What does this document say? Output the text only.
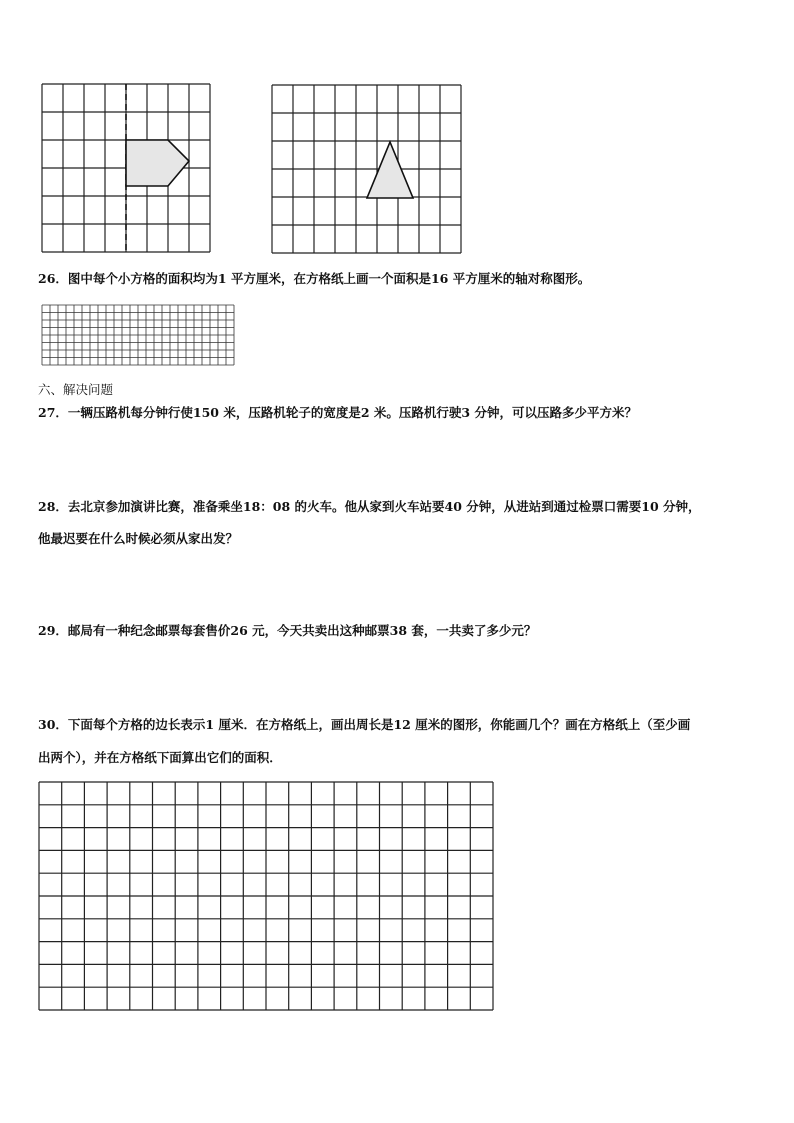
26．图中每个小方格的面积均为1 平方厘米，在方格纸上画一个面积是16 平方厘米的轴对称图形。
六、解决问题
27．一辆压路机每分钟行使150 米，压路机轮子的宽度是2 米。压路机行驶3 分钟，可以压路多少平方米？
28．去北京参加演讲比赛，准备乘坐18：08 的火车。他从家到火车站要40 分钟，从进站到通过检票口需要10 分钟，
他最迟要在什么时候必须从家出发？
29．邮局有一种纪念邮票每套售价26 元，今天共卖出这种邮票38 套，一共卖了多少元？
30．下面每个方格的边长表示1 厘米．在方格纸上，画出周长是12 厘米的图形，你能画几个？画在方格纸上（至少画
出两个），并在方格纸下面算出它们的面积．
